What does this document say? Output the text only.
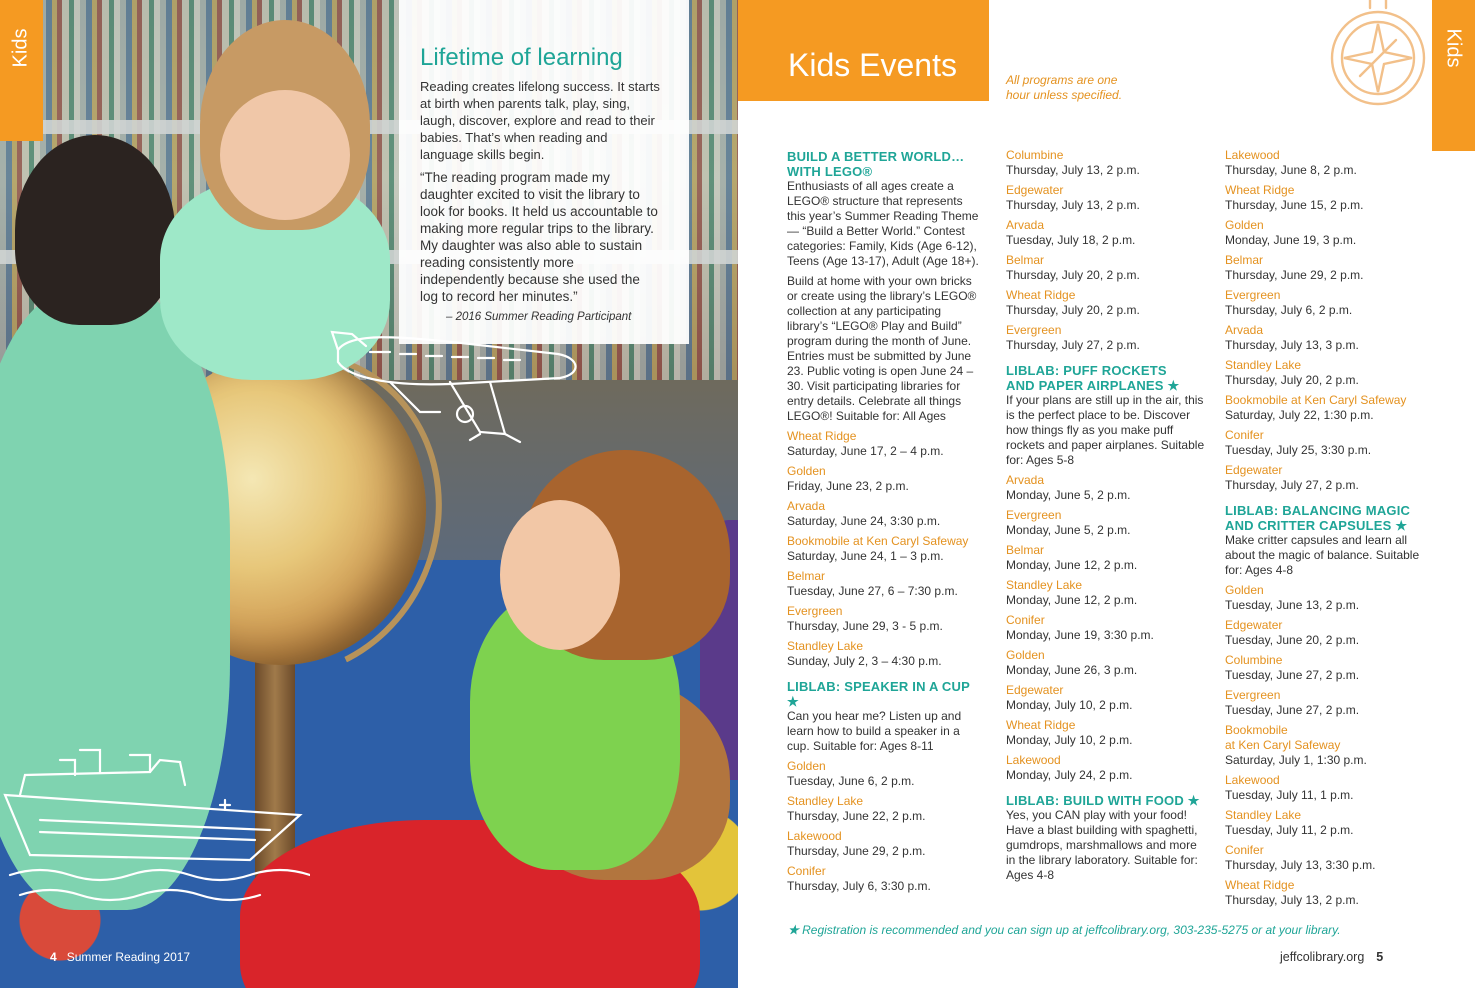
Lifetime of learning

Reading creates lifelong success. It starts at birth when parents talk, play, sing, laugh, discover, explore and read to their babies. That’s when reading and language skills begin.

“The reading program made my daughter excited to visit the library to look for books. It held us accountable to making more regular trips to the library. My daughter was also able to sustain reading consistently more independently because she used the log to record her minutes.”

– 2016 Summer Reading Participant

Kids
4 Summer Reading 2017
Kids Events	All programs are one
hour unless specified.
Kids
BUILD A BETTER WORLD…
WITH LEGO®

Enthusiasts of all ages create a LEGO® structure that represents this year’s Summer Reading Theme — “Build a Better World.” Contest categories: Family, Kids (Age 6-12), Teens (Age 13-17), Adult (Age 18+).

Build at home with your own bricks or create using the library’s LEGO® collection at any participating library’s “LEGO® Play and Build” program during the month of June. Entries must be submitted by June 23. Public voting is open June 24 – 30. Visit participating libraries for entry details. Celebrate all things LEGO®! Suitable for: All Ages

Wheat Ridge
Saturday, June 17, 2 – 4 p.m.
Golden
Friday, June 23, 2 p.m.
Arvada
Saturday, June 24, 3:30 p.m.
Bookmobile at Ken Caryl Safeway
Saturday, June 24, 1 – 3 p.m.
Belmar
Tuesday, June 27, 6 – 7:30 p.m.
Evergreen
Thursday, June 29, 3 - 5 p.m.
Standley Lake
Sunday, July 2, 3 – 4:30 p.m.
LIBLAB: SPEAKER IN A CUP ★

Can you hear me? Listen up and learn how to build a speaker in a cup. Suitable for: Ages 8-11

Golden
Tuesday, June 6, 2 p.m.
Standley Lake
Thursday, June 22, 2 p.m.
Lakewood
Thursday, June 29, 2 p.m.
Conifer
Thursday, July 6, 3:30 p.m.
Columbine
Thursday, July 13, 2 p.m.
Edgewater
Thursday, July 13, 2 p.m.
Arvada
Tuesday, July 18, 2 p.m.
Belmar
Thursday, July 20, 2 p.m.
Wheat Ridge
Thursday, July 20, 2 p.m.
Evergreen
Thursday, July 27, 2 p.m.
LIBLAB: PUFF ROCKETS
AND PAPER AIRPLANES ★

If your plans are still up in the air, this is the perfect place to be. Discover how things fly as you make puff rockets and paper airplanes. Suitable for: Ages 5-8

Arvada
Monday, June 5, 2 p.m.
Evergreen
Monday, June 5, 2 p.m.
Belmar
Monday, June 12, 2 p.m.
Standley Lake
Monday, June 12, 2 p.m.
Conifer
Monday, June 19, 3:30 p.m.
Golden
Monday, June 26, 3 p.m.
Edgewater
Monday, July 10, 2 p.m.
Wheat Ridge
Monday, July 10, 2 p.m.
Lakewood
Monday, July 24, 2 p.m.
LIBLAB: BUILD WITH FOOD ★

Yes, you CAN play with your food! Have a blast building with spaghetti, gumdrops, marshmallows and more in the library laboratory. Suitable for: Ages 4-8

Lakewood
Thursday, June 8, 2 p.m.
Wheat Ridge
Thursday, June 15, 2 p.m.
Golden
Monday, June 19, 3 p.m.
Belmar
Thursday, June 29, 2 p.m.
Evergreen
Thursday, July 6, 2 p.m.
Arvada
Thursday, July 13, 3 p.m.
Standley Lake
Thursday, July 20, 2 p.m.
Bookmobile at Ken Caryl Safeway
Saturday, July 22, 1:30 p.m.
Conifer
Tuesday, July 25, 3:30 p.m.
Edgewater
Thursday, July 27, 2 p.m.
LIBLAB: BALANCING MAGIC
AND CRITTER CAPSULES ★

Make critter capsules and learn all about the magic of balance. Suitable for: Ages 4-8

Golden
Tuesday, June 13, 2 p.m.
Edgewater
Tuesday, June 20, 2 p.m.
Columbine
Tuesday, June 27, 2 p.m.
Evergreen
Tuesday, June 27, 2 p.m.
Bookmobile
at Ken Caryl Safeway
Saturday, July 1, 1:30 p.m.
Lakewood
Tuesday, July 11, 1 p.m.
Standley Lake
Tuesday, July 11, 2 p.m.
Conifer
Thursday, July 13, 3:30 p.m.
Wheat Ridge
Thursday, July 13, 2 p.m.
★ Registration is recommended and you can sign up at jeffcolibrary.org, 303-235-5275 or at your library.
jeffcolibrary.org 5
